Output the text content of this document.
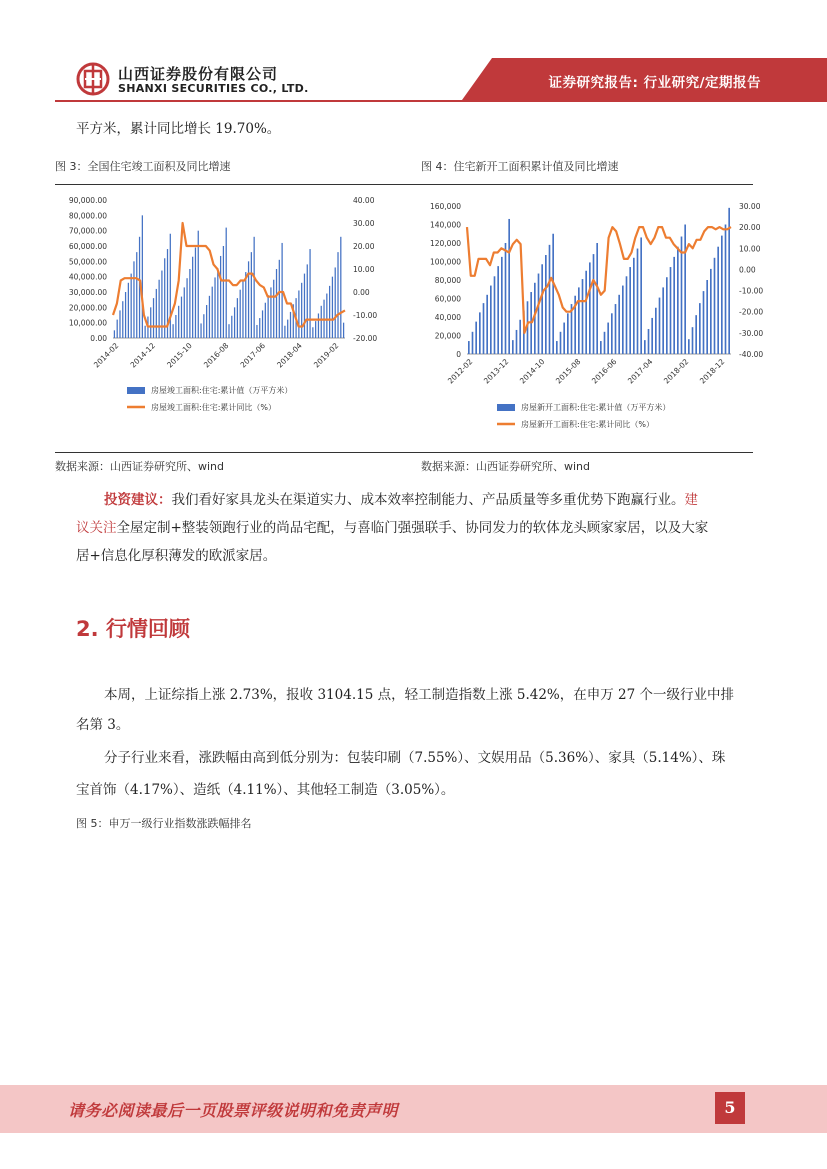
山西证券股份有限公司
SHANXI SECURITIES CO., LTD.	证券研究报告: 行业研究/定期报告
平方米，累计同比增长 19.70%。
图 3：全国住宅竣工面积及同比增速	图 4：住宅新开工面积累计值及同比增速
90,000.00
80,000.00
70,000.00
60,000.00
50,000.00
40,000.00
30,000.00
20,000.00
10,000.00
0.00
40.00
30.00
20.00
10.00
0.00
-10.00
-20.00
2014-02 2014-12 2015-10 2016-08 2017-06 2018-04 2019-02
房屋竣工面积:住宅:累计值（万平方米）
房屋竣工面积:住宅:累计同比（%）
160,000
140,000
120,000
100,000
80,000
60,000
40,000
20,000
0
30.00
20.00
10.00
0.00
-10.00
-20.00
-30.00
-40.00
2012-02 2013-12 2014-10 2015-08 2016-06 2017-04 2018-02 2018-12
房屋新开工面积:住宅:累计值（万平方米）
房屋新开工面积:住宅:累计同比（%）
数据来源：山西证券研究所、wind	数据来源：山西证券研究所、wind
投资建议：我们看好家具龙头在渠道实力、成本效率控制能力、产品质量等多重优势下跑赢行业。建
议关注全屋定制+整装领跑行业的尚品宅配，与喜临门强强联手、协同发力的软体龙头顾家家居，以及大家
居+信息化厚积薄发的欧派家居。
2. 行情回顾
本周，上证综指上涨 2.73%，报收 3104.15 点，轻工制造指数上涨 5.42%，在申万 27 个一级行业中排
名第 3。
分子行业来看，涨跌幅由高到低分别为：包装印刷（7.55%）、文娱用品（5.36%）、家具（5.14%）、珠
宝首饰（4.17%）、造纸（4.11%）、其他轻工制造（3.05%）。
图 5：申万一级行业指数涨跌幅排名
请务必阅读最后一页股票评级说明和免责声明	5
